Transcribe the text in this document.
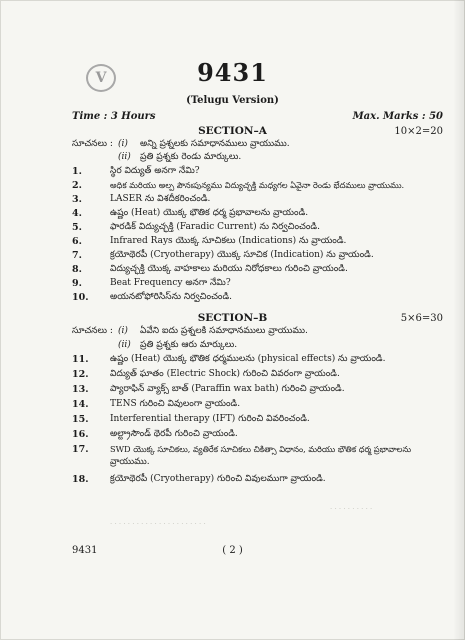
V	9431
(Telugu Version)
Time : 3 Hours	Max. Marks : 50
SECTION–A	10×2=20
సూచనలు : (i) అన్ని ప్రశ్నలకు సమాధానములు వ్రాయుము.
(ii) ప్రతి ప్రశ్నకు రెండు మార్కులు.
1.	స్థిర విద్యుత్ అనగా నేమి?
2.	అధిక మరియు అల్ప పౌనఃపున్యము విద్యుచ్ఛక్తి మధ్యగల ఏవైనా రెండు భేదములు వ్రాయుము.
3.	LASER ను విశదీకరించండి.
4.	ఉష్ణం (Heat) యొక్క భౌతిక ధర్మ ప్రభావాలను వ్రాయండి.
5.	ఫారడిక్ విద్యుచ్ఛక్తి (Faradic Current) ను నిర్వచించండి.
6.	Infrared Rays యొక్క సూచికలు (Indications) ను వ్రాయండి.
7.	క్రయోథెరపీ (Cryotherapy) యొక్క సూచిక (Indication) ను వ్రాయండి.
8.	విద్యుచ్ఛక్తి యొక్క వాహకాలు మరియు నిరోధకాలు గురించి వ్రాయండి.
9.	Beat Frequency అనగా నేమి?
10. అయనటోఫోరిసిస్‌ను నిర్వచించండి.
SECTION–B	5×6=30
సూచనలు : (i) ఏవేని ఐదు ప్రశ్నలకి సమాధానములు వ్రాయుము.
(ii) ప్రతి ప్రశ్నకు ఆరు మార్కులు.
11. ఉష్ణం (Heat) యొక్క భౌతిక ధర్మములను (physical effects) ను వ్రాయండి.
12. విద్యుత్ ఘాతం (Electric Shock) గురించి వివరంగా వ్రాయండి.
13. ప్యారాఫిన్ వ్యాక్స్ బాత్ (Paraffin wax bath) గురించి వ్రాయండి.
14. TENS గురించి వివులంగా వ్రాయండి.
15. Interferential therapy (IFT) గురించి వివరించండి.
16. అల్ట్రాసౌండ్ థెరపీ గురించి వ్రాయండి.
17.	SWD యొక్క సూచికలు, వ్యతిరేక సూచికలు చికిత్సా విధానం, మరియు భౌతిక ధర్మ ప్రభావాలను
వ్రాయుము.
18. క్రయోథెరపీ (Cryotherapy) గురించి వివులముగా వ్రాయండి.
· · · · · · · · · ·
· · · · · · · · · · · · · · · · · · · · · ·
9431	( 2 )
